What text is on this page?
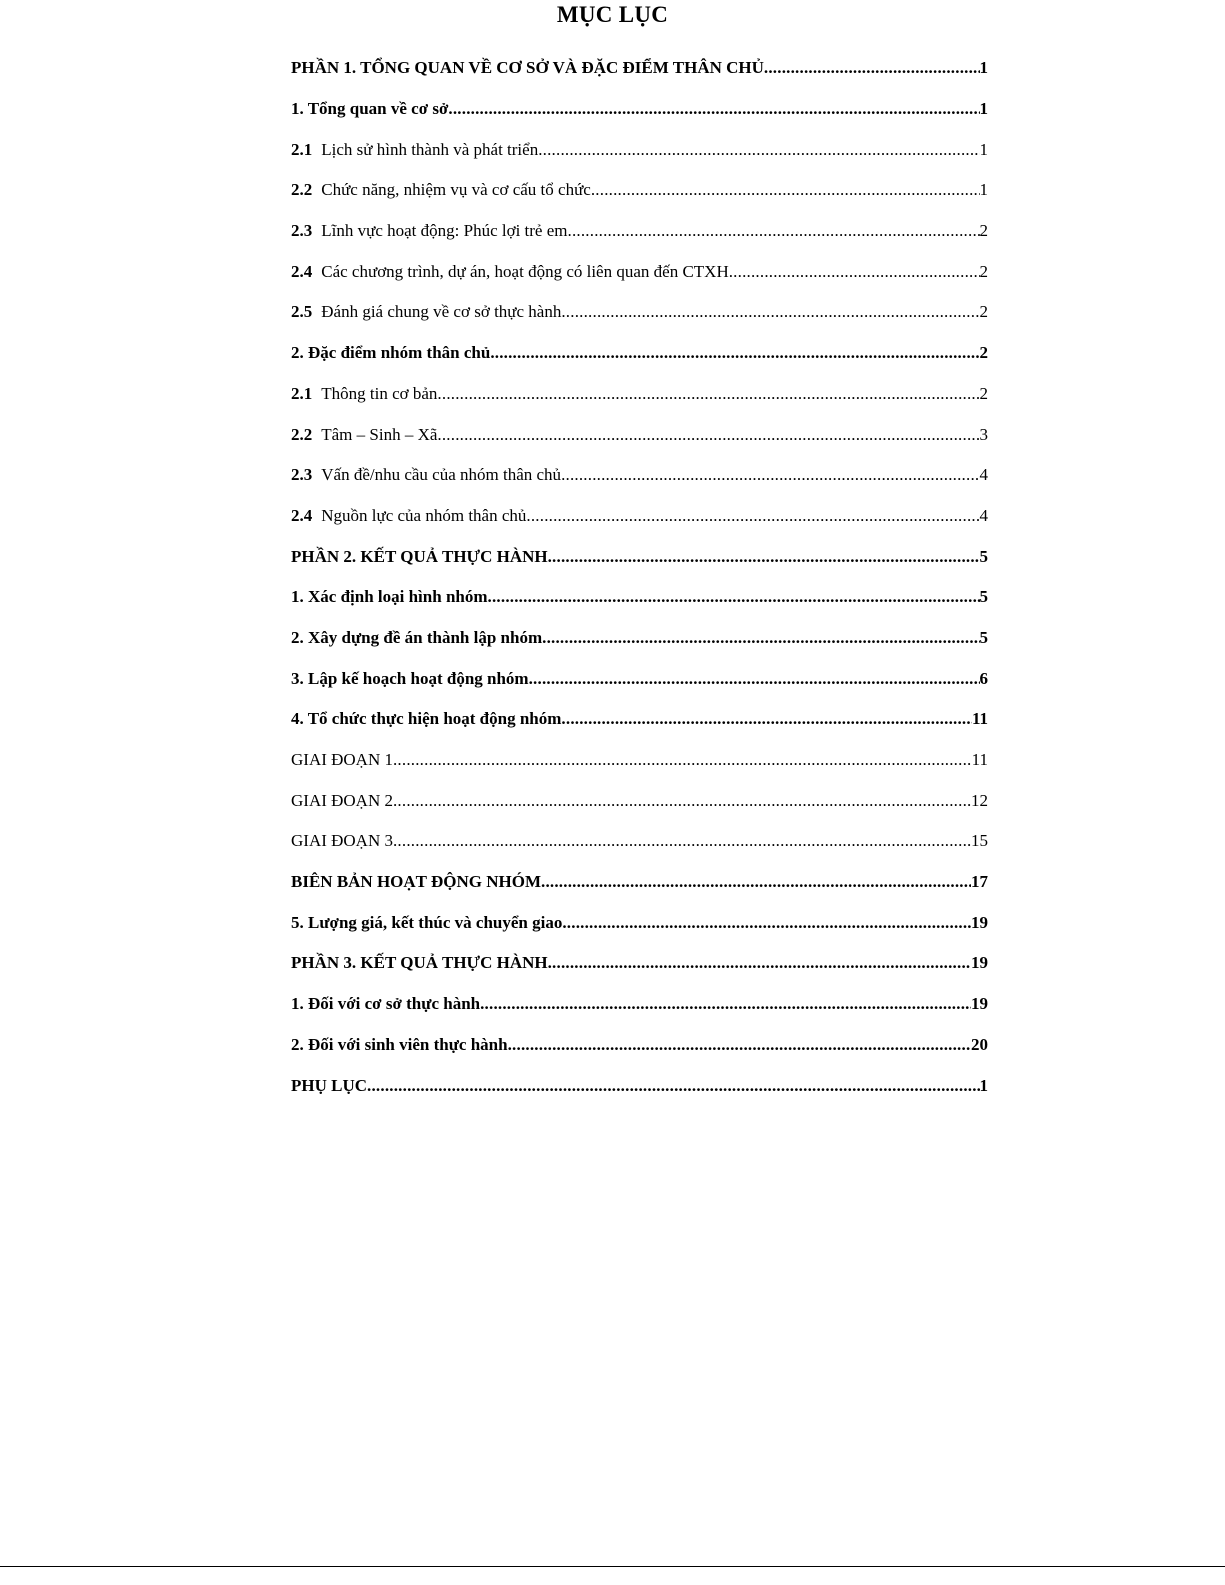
MỤC LỤC
PHẦN 1. TỔNG QUAN VỀ CƠ SỞ VÀ ĐẶC ĐIỂM THÂN CHỦ .....	1
1. Tổng quan về cơ sở .....	1
2.1 Lịch sử hình thành và phát triển .....	1
2.2 Chức năng, nhiệm vụ và cơ cấu tổ chức .....	1
2.3 Lĩnh vực hoạt động: Phúc lợi trẻ em .....	2
2.4 Các chương trình, dự án, hoạt động có liên quan đến CTXH .....	2
2.5 Đánh giá chung về cơ sở thực hành .....	2
2. Đặc điểm nhóm thân chủ .....	2
2.1 Thông tin cơ bản .....	2
2.2 Tâm – Sinh – Xã .....	3
2.3 Vấn đề/nhu cầu của nhóm thân chủ .....	4
2.4 Nguồn lực của nhóm thân chủ .....	4
PHẦN 2. KẾT QUẢ THỰC HÀNH .....	5
1. Xác định loại hình nhóm .....	5
2. Xây dựng đề án thành lập nhóm .....	5
3. Lập kế hoạch hoạt động nhóm .....	6
4. Tổ chức thực hiện hoạt động nhóm .....	11
GIAI ĐOẠN 1 .....	11
GIAI ĐOẠN 2 .....	12
GIAI ĐOẠN 3 .....	15
BIÊN BẢN HOẠT ĐỘNG NHÓM .....	17
5. Lượng giá, kết thúc và chuyển giao .....	19
PHẦN 3. KẾT QUẢ THỰC HÀNH .....	19
1. Đối với cơ sở thực hành .....	19
2. Đối với sinh viên thực hành .....	20
PHỤ LỤC .....	1
